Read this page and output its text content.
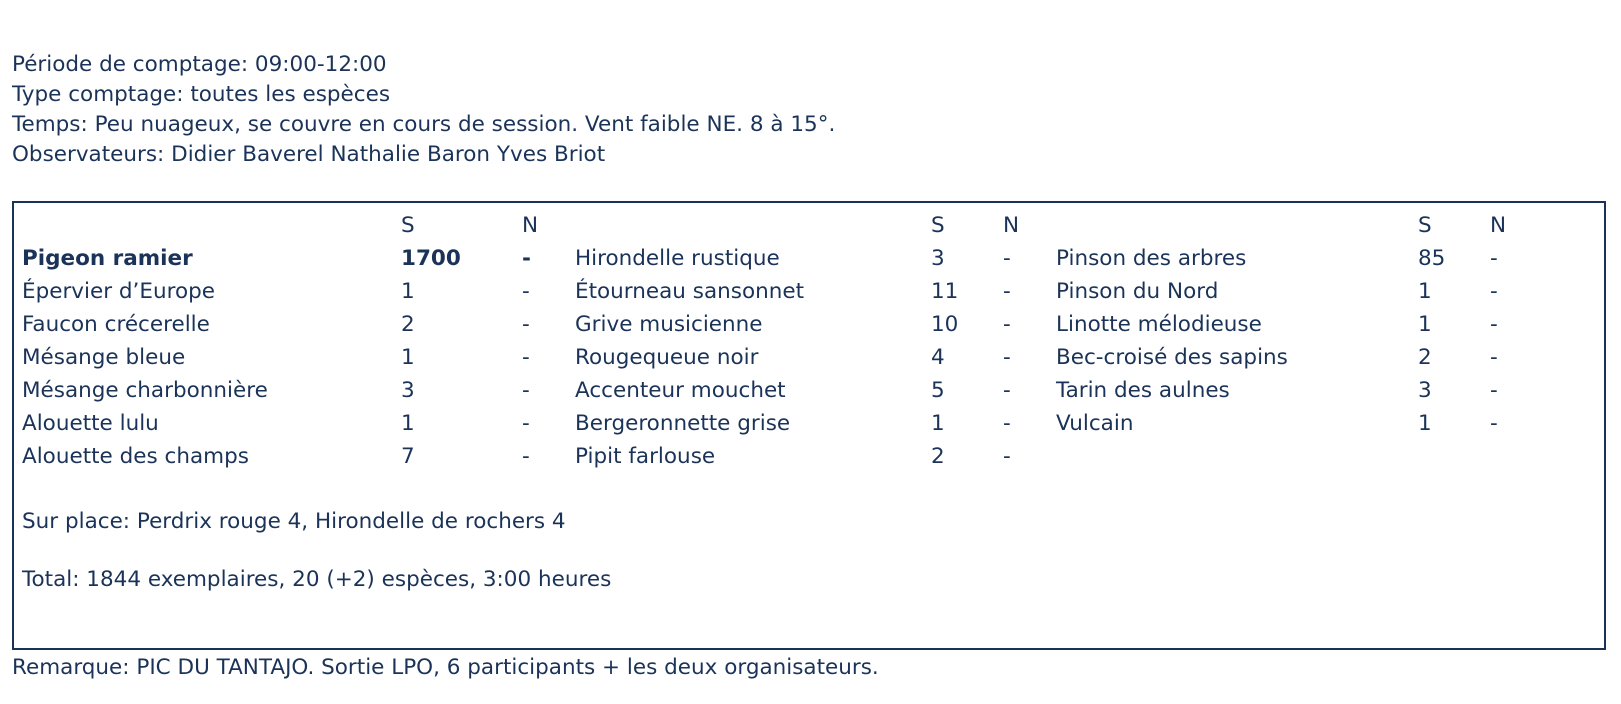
Période de comptage: 09:00-12:00
Type comptage: toutes les espèces
Temps: Peu nuageux, se couvre en cours de session. Vent faible NE. 8 à 15°.
Observateurs: Didier Baverel Nathalie Baron Yves Briot
Sur place: Perdrix rouge 4, Hirondelle de rochers 4
Total: 1844 exemplaires, 20 (+2) espèces, 3:00 heures
S	N
Pigeon ramier	1700	-
Épervier d’Europe	1	-
Faucon crécerelle	2	-
Mésange bleue	1	-
Mésange charbonnière	3	-
Alouette lulu	1	-
Alouette des champs	7	-
S	N
Hirondelle rustique	3	-
Étourneau sansonnet	11 -
Grive musicienne	10 -
Rougequeue noir	4	-
Accenteur mouchet	5	-
Bergeronnette grise	1	-
Pipit farlouse	2	-
S	N
Pinson des arbres	85 -
Pinson du Nord	1	-
Linotte mélodieuse	1	-
Bec-croisé des sapins	2	-
Tarin des aulnes	3	-
Vulcain	1	-
Remarque: PIC DU TANTAJO. Sortie LPO, 6 participants + les deux organisateurs.
